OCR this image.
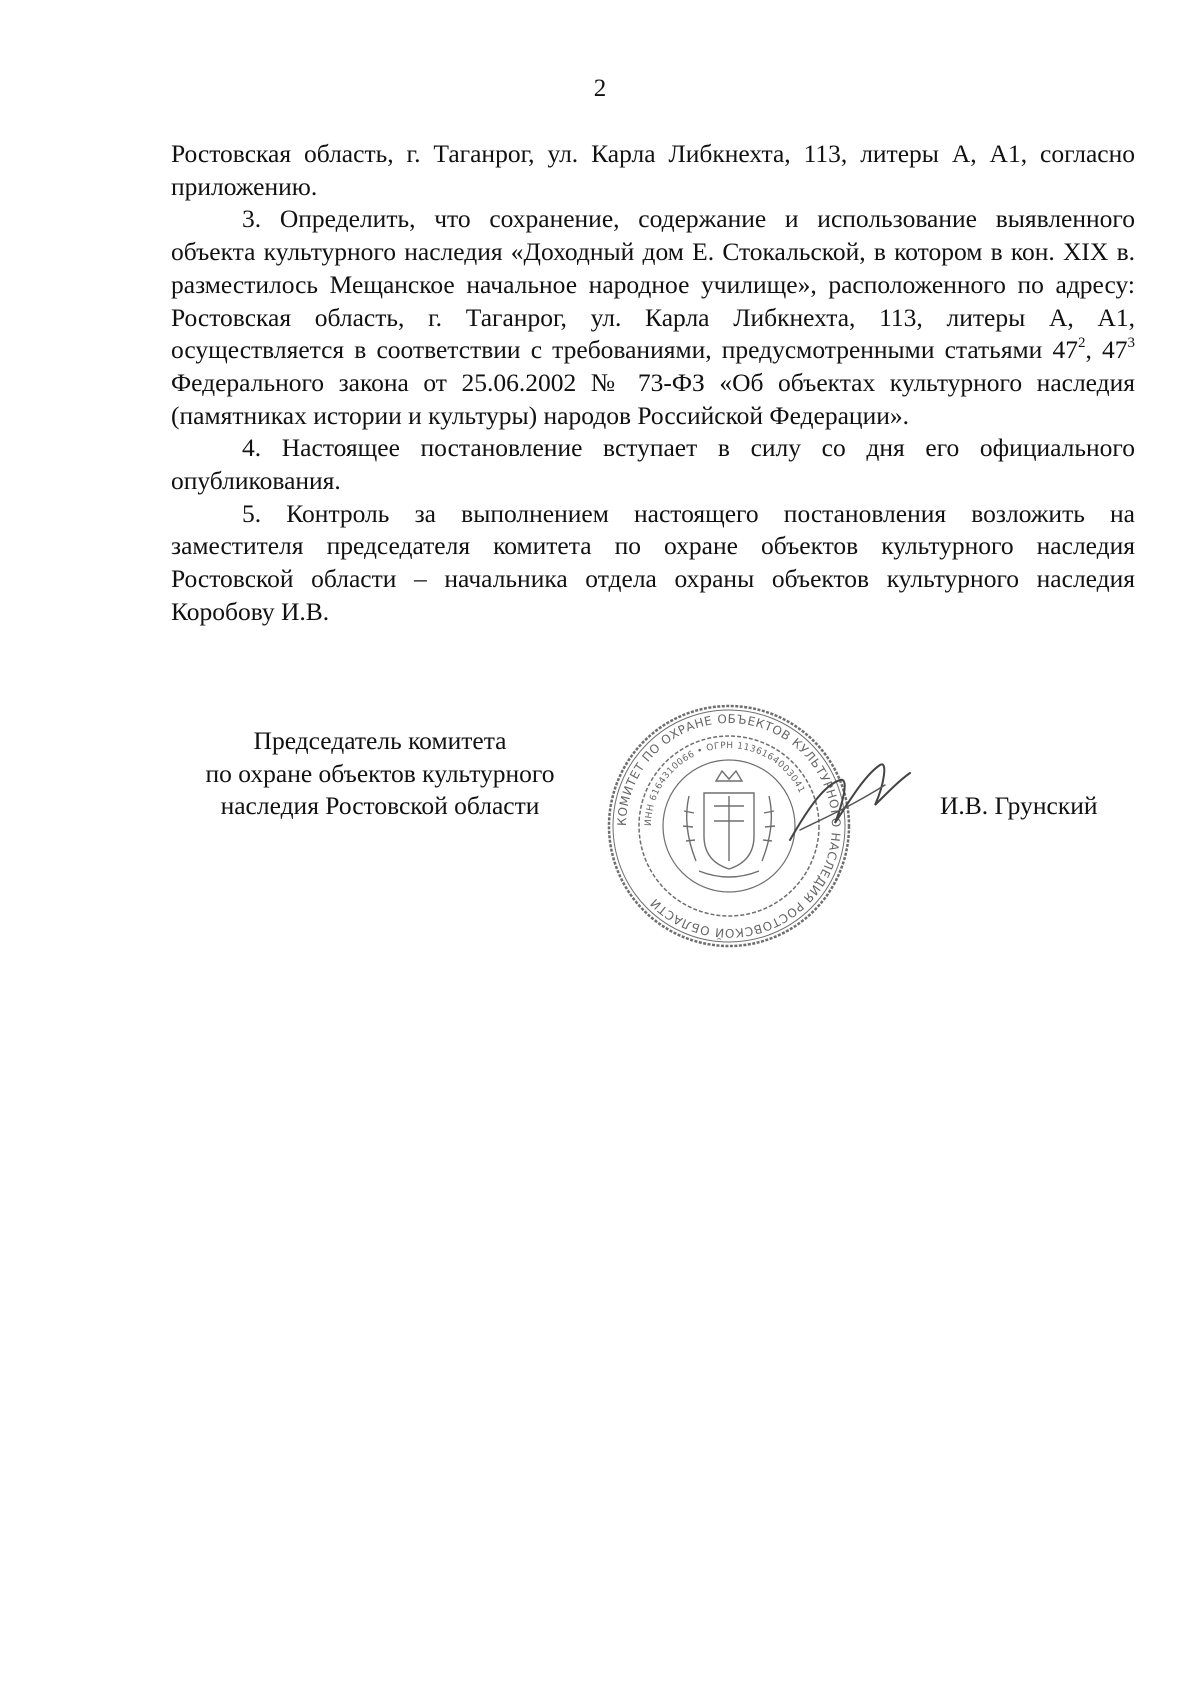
2

Ростовская область, г. Таганрог, ул. Карла Либкнехта, 113, литеры А, А1, согласно приложению.

3. Определить, что сохранение, содержание и использование выявленного объекта культурного наследия «Доходный дом Е. Стокальской, в котором в кон. XIX в. разместилось Мещанское начальное народное училище», расположенного по адресу: Ростовская область, г. Таганрог, ул. Карла Либкнехта, 113, литеры А, А1, осуществляется в соответствии с требованиями, предусмотренными статьями $47^2$, $47^3$ Федерального закона от 25.06.2002 № 73-ФЗ «Об объектах культурного наследия (памятниках истории и культуры) народов Российской Федерации».

4. Настоящее постановление вступает в силу со дня его официального опубликования.

5. Контроль за выполнением настоящего постановления возложить на заместителя председателя комитета по охране объектов культурного наследия Ростовской области – начальника отдела охраны объектов культурного наследия Коробову И.В.

Председатель комитета
по охране объектов культурного
наследия Ростовской области
КОМИТЕТ ПО ОХРАНЕ ОБЪЕКТОВ КУЛЬТУРНОГО НАСЛЕДИЯ РОСТОВСКОЙ ОБЛАСТИ
ИНН 6164310066 • ОГРН 1136164003041
И.В. Грунский
